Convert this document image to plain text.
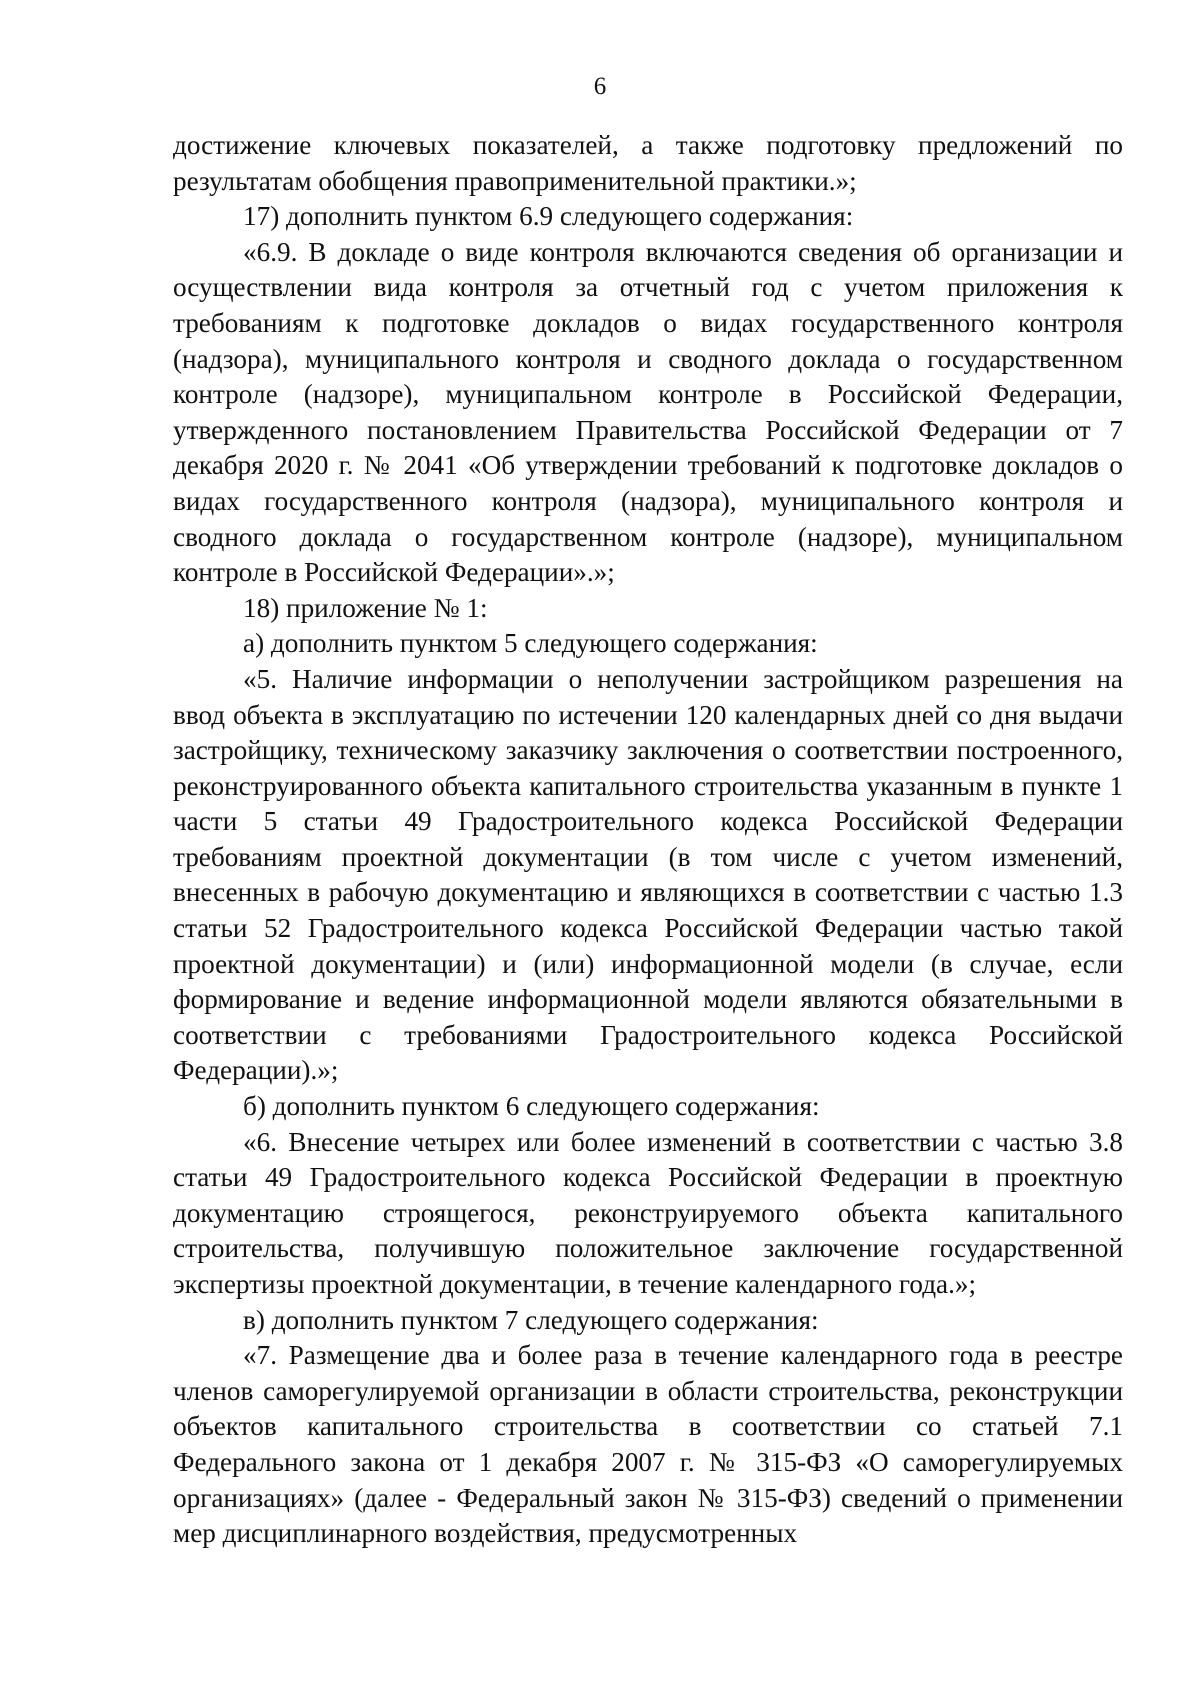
6

достижение ключевых показателей, а также подготовку предложений по результатам обобщения правоприменительной практики.»;

17) дополнить пунктом 6.9 следующего содержания:

«6.9. В докладе о виде контроля включаются сведения об организации и осуществлении вида контроля за отчетный год с учетом приложения к требованиям к подготовке докладов о видах государственного контроля (надзора), муниципального контроля и сводного доклада о государственном контроле (надзоре), муниципальном контроле в Российской Федерации, утвержденного постановлением Правительства Российской Федерации от 7 декабря 2020 г. № 2041 «Об утверждении требований к подготовке докладов о видах государственного контроля (надзора), муниципального контроля и сводного доклада о государственном контроле (надзоре), муниципальном контроле в Российской Федерации».»;

18) приложение № 1:

а) дополнить пунктом 5 следующего содержания:

«5. Наличие информации о неполучении застройщиком разрешения на ввод объекта в эксплуатацию по истечении 120 календарных дней со дня выдачи застройщику, техническому заказчику заключения о соответствии построенного, реконструированного объекта капитального строительства указанным в пункте 1 части 5 статьи 49 Градостроительного кодекса Российской Федерации требованиям проектной документации (в том числе с учетом изменений, внесенных в рабочую документацию и являющихся в соответствии с частью 1.3 статьи 52 Градостроительного кодекса Российской Федерации частью такой проектной документации) и (или) информационной модели (в случае, если формирование и ведение информационной модели являются обязательными в соответствии с требованиями Градостроительного кодекса Российской Федерации).»;

б) дополнить пунктом 6 следующего содержания:

«6. Внесение четырех или более изменений в соответствии с частью 3.8 статьи 49 Градостроительного кодекса Российской Федерации в проектную документацию строящегося, реконструируемого объекта капитального строительства, получившую положительное заключение государственной экспертизы проектной документации, в течение календарного года.»;

в) дополнить пунктом 7 следующего содержания:

«7. Размещение два и более раза в течение календарного года в реестре членов саморегулируемой организации в области строительства, реконструкции объектов капитального строительства в соответствии со статьей 7.1 Федерального закона от 1 декабря 2007 г. № 315-ФЗ «О саморегулируемых организациях» (далее - Федеральный закон № 315-ФЗ) сведений о применении мер дисциплинарного воздействия, предусмотренных
